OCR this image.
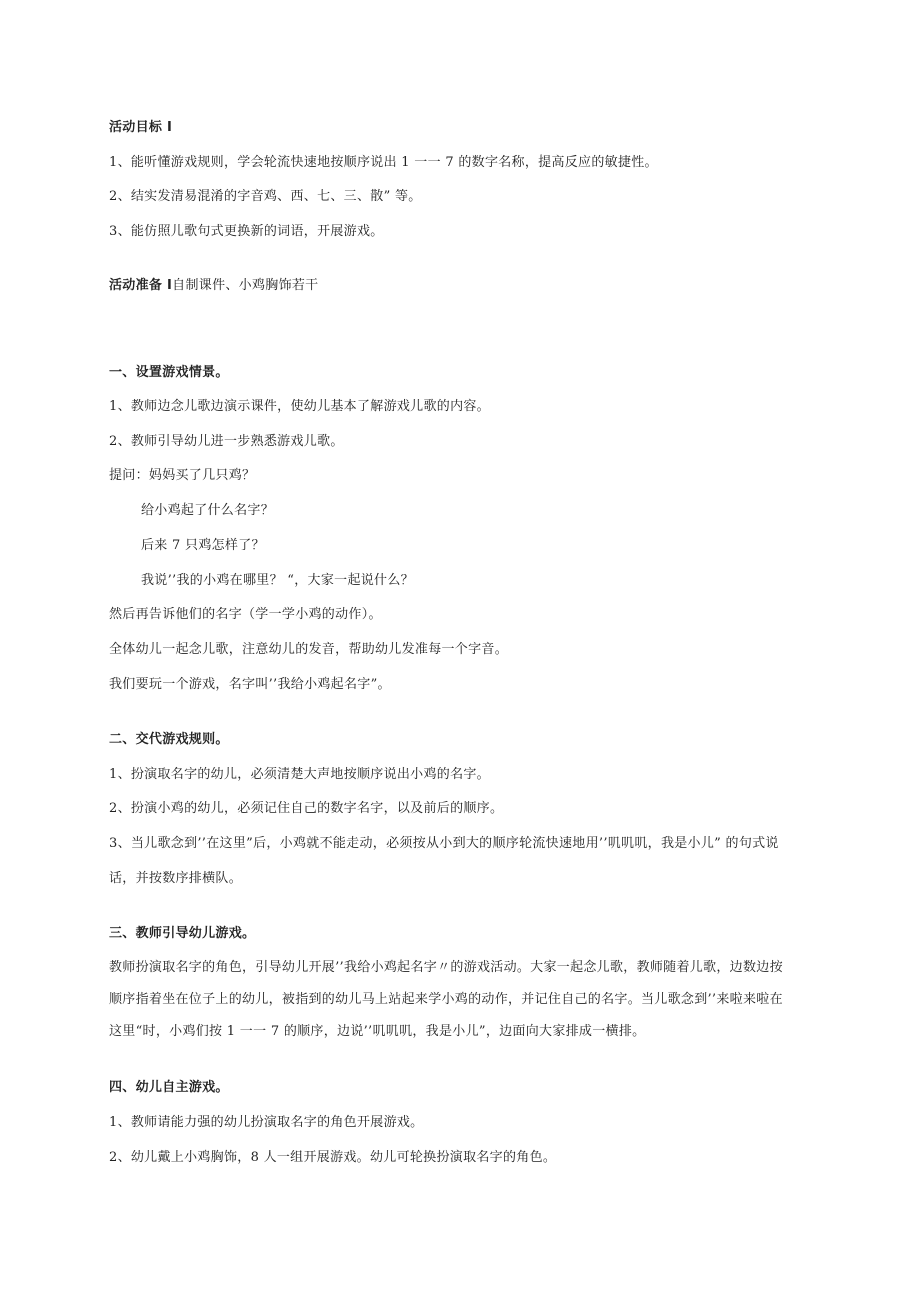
活动目标 I
1、能听懂游戏规则，学会轮流快速地按顺序说出 1 一一 7 的数字名称，提高反应的敏捷性。
2、结实发清易混淆的字音鸡、西、七、三、散” 等。
3、能仿照儿歌句式更换新的词语，开展游戏。
活动准备 I自制课件、小鸡胸饰若干
一、设置游戏情景。
1、教师边念儿歌边演示课件，使幼儿基本了解游戏儿歌的内容。
2、教师引导幼儿进一步熟悉游戏儿歌。
提问：妈妈买了几只鸡？
给小鸡起了什么名字？
后来 7 只鸡怎样了？
我说’’我的小鸡在哪里？ “，大家一起说什么？
然后再告诉他们的名字（学一学小鸡的动作）。
全体幼儿一起念儿歌，注意幼儿的发音，帮助幼儿发准每一个字音。
我们要玩一个游戏，名字叫’’我给小鸡起名字”。
二、交代游戏规则。
1、扮演取名字的幼儿，必须清楚大声地按顺序说出小鸡的名字。
2、扮演小鸡的幼儿，必须记住自己的数字名字，以及前后的顺序。
3、当儿歌念到’’在这里”后，小鸡就不能走动，必须按从小到大的顺序轮流快速地用’’叽叽叽，我是小儿” 的句式说
话，并按数序排横队。
三、教师引导幼儿游戏。
教师扮演取名字的角色，引导幼儿开展’’我给小鸡起名字〃的游戏活动。大家一起念儿歌，教师随着儿歌，边数边按
顺序指着坐在位子上的幼儿，被指到的幼儿马上站起来学小鸡的动作，并记住自己的名字。当儿歌念到’’来啦来啦在
这里“时，小鸡们按 1 一一 7 的顺序，边说’’叽叽叽，我是小儿”，边面向大家排成一横排。
四、幼儿自主游戏。
1、教师请能力强的幼儿扮演取名字的角色开展游戏。
2、幼儿戴上小鸡胸饰，8 人一组开展游戏。幼儿可轮换扮演取名字的角色。
